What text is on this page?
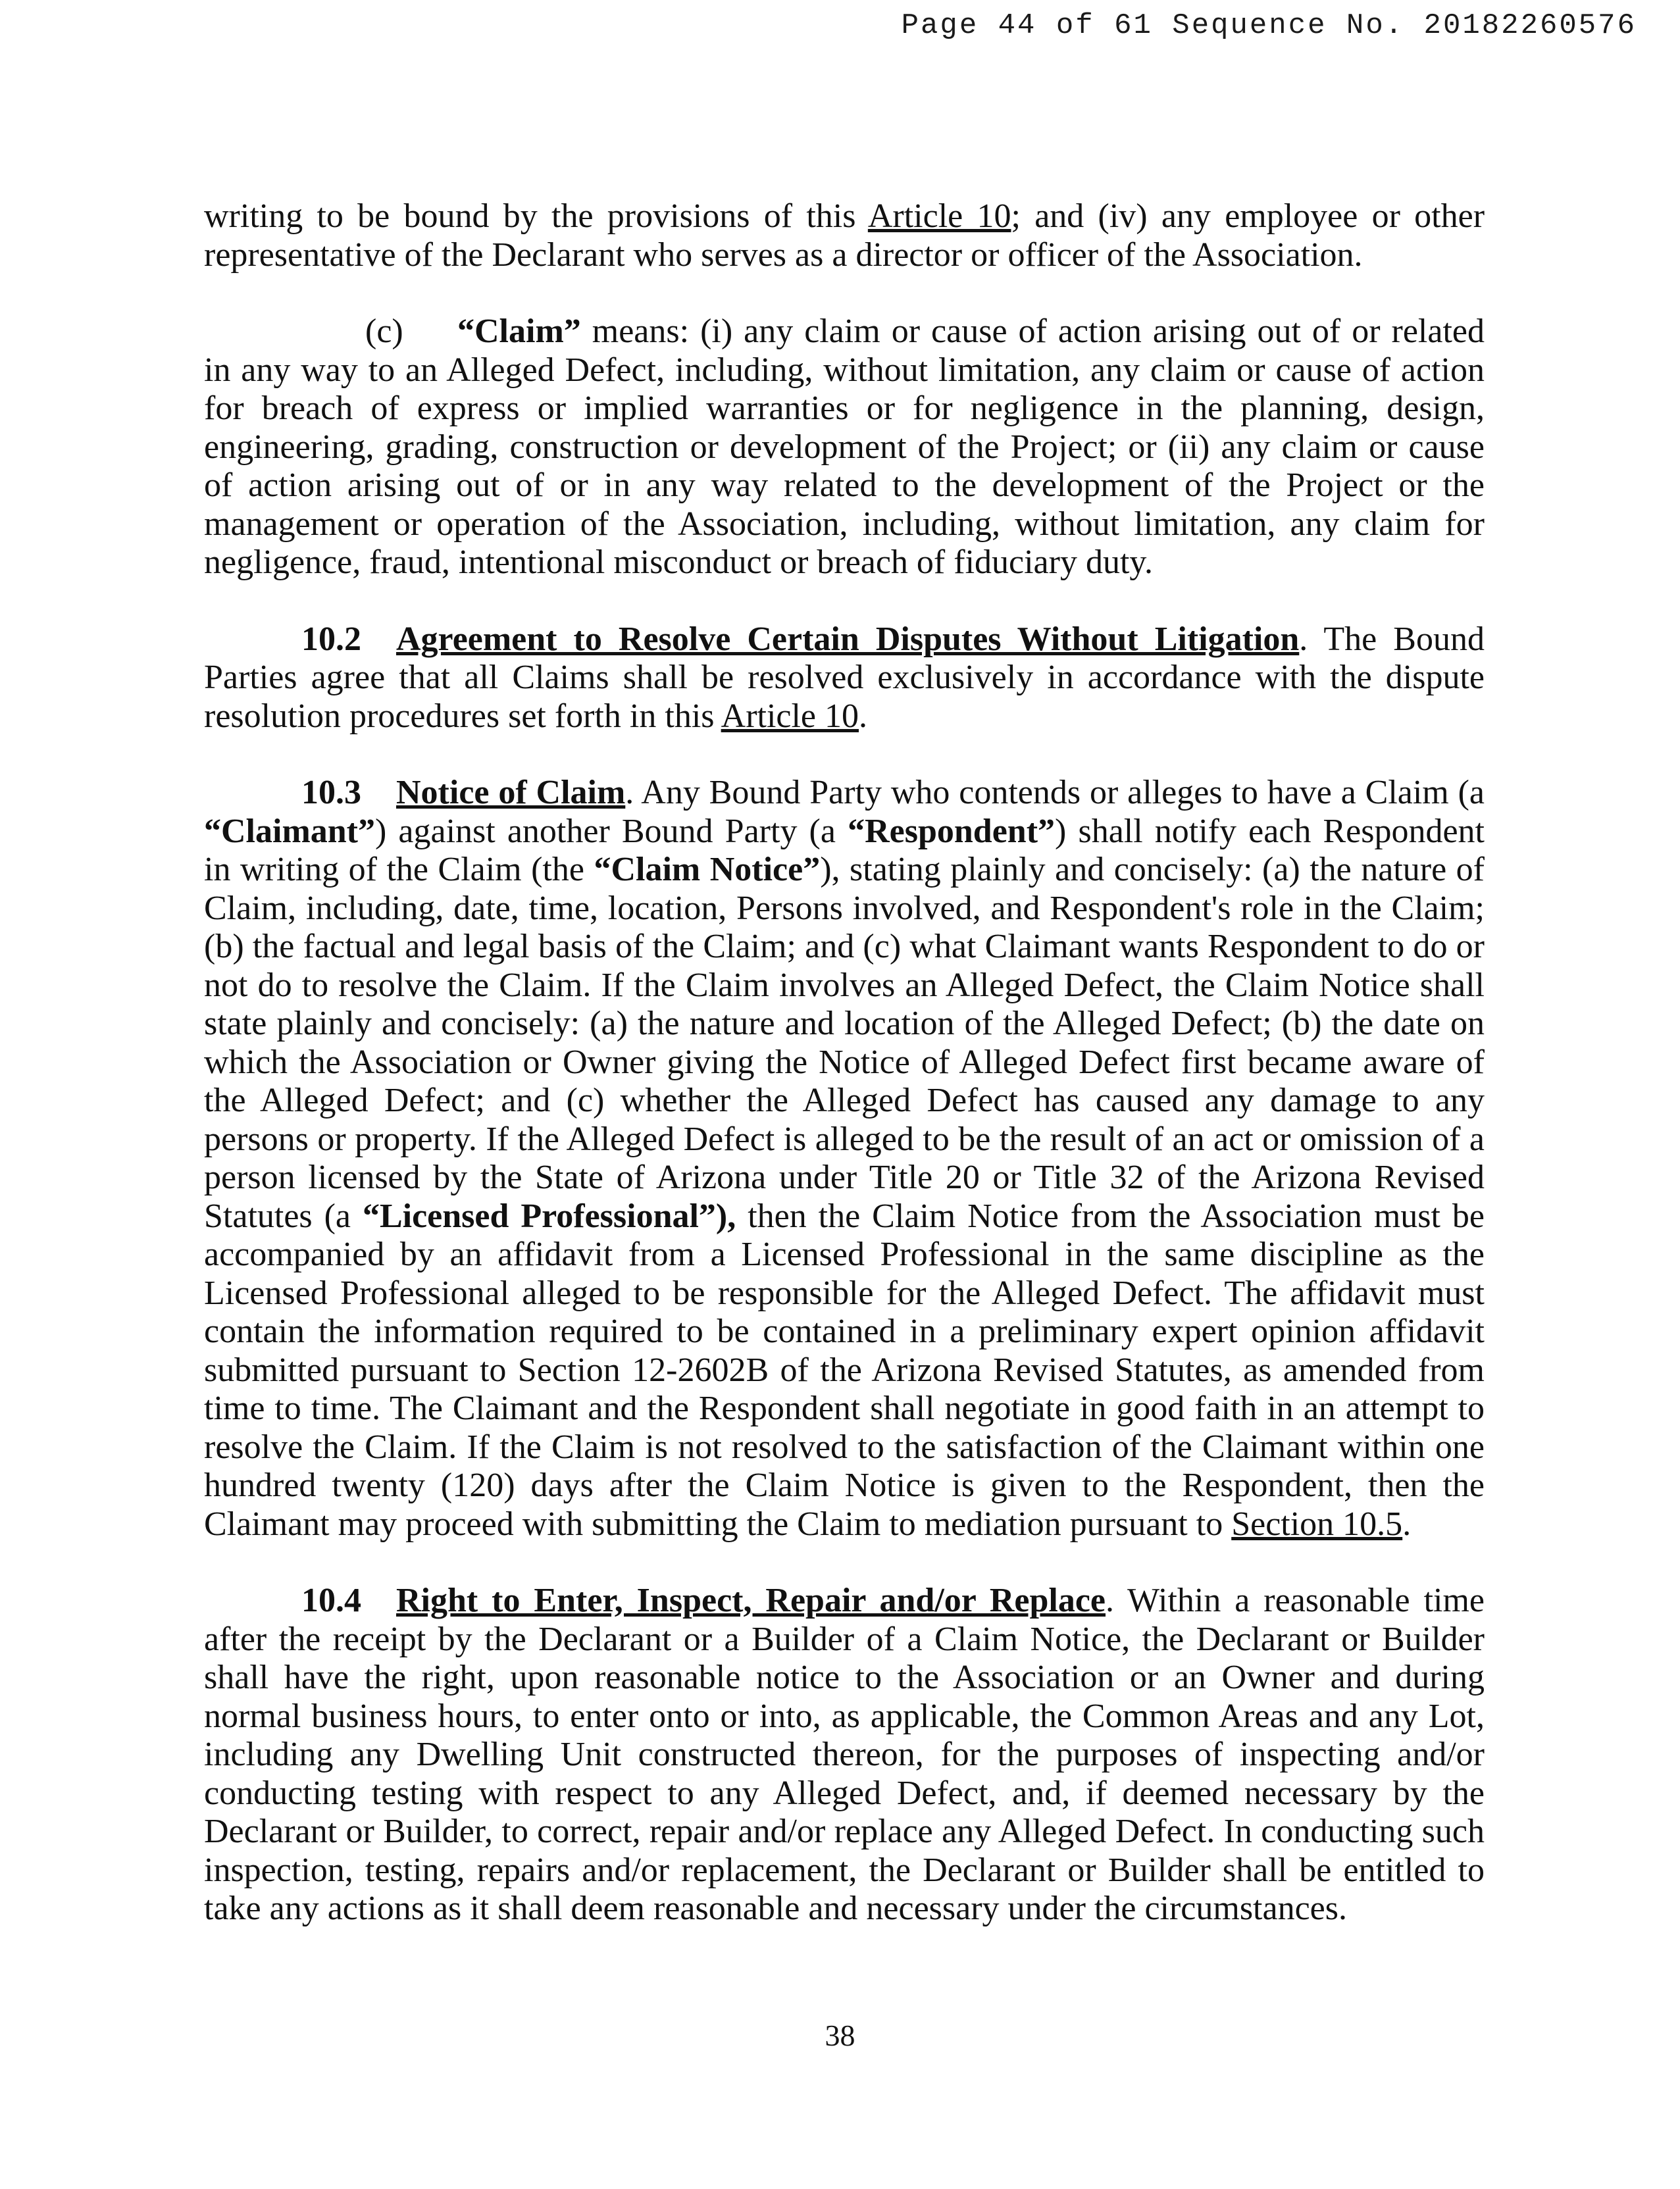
Page 44 of 61 Sequence No. 20182260576

writing to be bound by the provisions of this Article 10; and (iv) any employee or other representative of the Declarant who serves as a director or officer of the Association.

(c) “Claim” means: (i) any claim or cause of action arising out of or related in any way to an Alleged Defect, including, without limitation, any claim or cause of action for breach of express or implied warranties or for negligence in the planning, design, engineering, grading, construction or development of the Project; or (ii) any claim or cause of action arising out of or in any way related to the development of the Project or the management or operation of the Association, including, without limitation, any claim for negligence, fraud, intentional misconduct or breach of fiduciary duty.

10.2 Agreement to Resolve Certain Disputes Without Litigation. The Bound Parties agree that all Claims shall be resolved exclusively in accordance with the dispute resolution procedures set forth in this Article 10.

10.3 Notice of Claim. Any Bound Party who contends or alleges to have a Claim (a “Claimant”) against another Bound Party (a “Respondent”) shall notify each Respondent in writing of the Claim (the “Claim Notice”), stating plainly and concisely: (a) the nature of Claim, including, date, time, location, Persons involved, and Respondent's role in the Claim; (b) the factual and legal basis of the Claim; and (c) what Claimant wants Respondent to do or not do to resolve the Claim. If the Claim involves an Alleged Defect, the Claim Notice shall state plainly and concisely: (a) the nature and location of the Alleged Defect; (b) the date on which the Association or Owner giving the Notice of Alleged Defect first became aware of the Alleged Defect; and (c) whether the Alleged Defect has caused any damage to any persons or property. If the Alleged Defect is alleged to be the result of an act or omission of a person licensed by the State of Arizona under Title 20 or Title 32 of the Arizona Revised Statutes (a “Licensed Professional”), then the Claim Notice from the Association must be accompanied by an affidavit from a Licensed Professional in the same discipline as the Licensed Professional alleged to be responsible for the Alleged Defect. The affidavit must contain the information required to be contained in a preliminary expert opinion affidavit submitted pursuant to Section 12-2602B of the Arizona Revised Statutes, as amended from time to time. The Claimant and the Respondent shall negotiate in good faith in an attempt to resolve the Claim. If the Claim is not resolved to the satisfaction of the Claimant within one hundred twenty (120) days after the Claim Notice is given to the Respondent, then the Claimant may proceed with submitting the Claim to mediation pursuant to Section 10.5.

10.4 Right to Enter, Inspect, Repair and/or Replace. Within a reasonable time after the receipt by the Declarant or a Builder of a Claim Notice, the Declarant or Builder shall have the right, upon reasonable notice to the Association or an Owner and during normal business hours, to enter onto or into, as applicable, the Common Areas and any Lot, including any Dwelling Unit constructed thereon, for the purposes of inspecting and/or conducting testing with respect to any Alleged Defect, and, if deemed necessary by the Declarant or Builder, to correct, repair and/or replace any Alleged Defect. In conducting such inspection, testing, repairs and/or replacement, the Declarant or Builder shall be entitled to take any actions as it shall deem reasonable and necessary under the circumstances.

38
